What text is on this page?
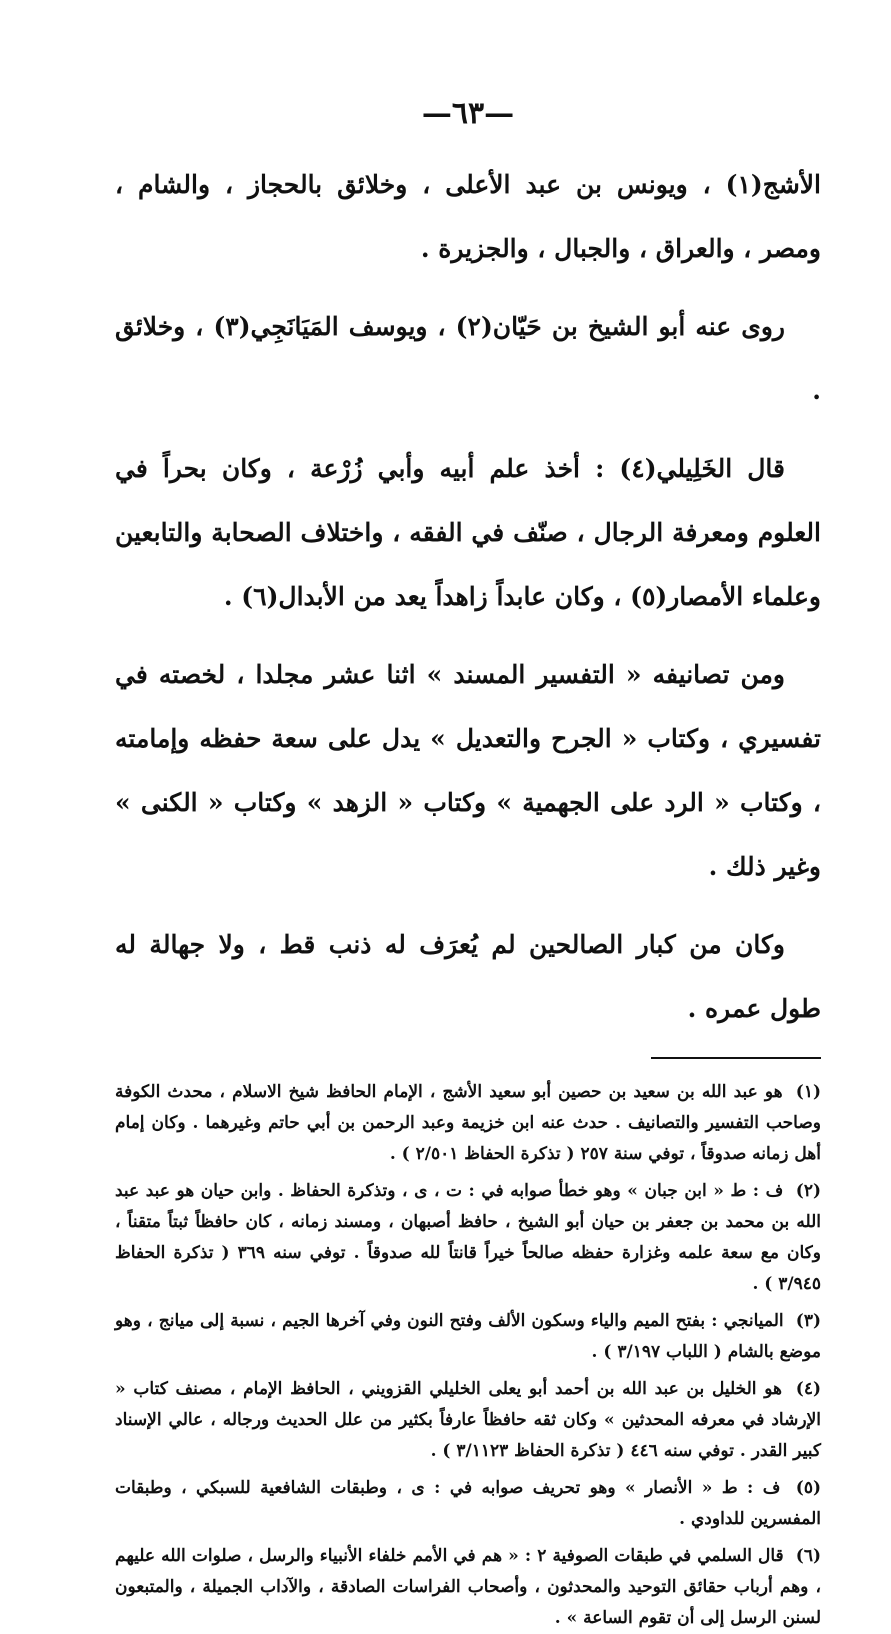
—٦٣—

الأشج(١) ، ويونس بن عبد الأعلى ، وخلائق بالحجاز ، والشام ، ومصر ، والعراق ، والجبال ، والجزيرة .

روى عنه أبو الشيخ بن حَيّان(٢) ، ويوسف المَيَانَجِي(٣) ، وخلائق .

قال الخَلِيلي(٤) : أخذ علم أبيه وأبي زُرْعة ، وكان بحراً في العلوم ومعرفة الرجال ، صنّف في الفقه ، واختلاف الصحابة والتابعين وعلماء الأمصار(٥) ، وكان عابداً زاهداً يعد من الأبدال(٦) .

ومن تصانيفه « التفسير المسند » اثنا عشر مجلدا ، لخصته في تفسيري ، وكتاب « الجرح والتعديل » يدل على سعة حفظه وإمامته ، وكتاب « الرد على الجهمية » وكتاب « الزهد » وكتاب « الكنى » وغير ذلك .

وكان من كبار الصالحين لم يُعرَف له ذنب قط ، ولا جهالة له طول عمره .

(١) هو عبد الله بن سعيد بن حصين أبو سعيد الأشج ، الإمام الحافظ شيخ الاسلام ، محدث الكوفة وصاحب التفسير والتصانيف . حدث عنه ابن خزيمة وعبد الرحمن بن أبي حاتم وغيرهما . وكان إمام أهل زمانه صدوقاً ، توفي سنة ٢٥٧ ( تذكرة الحفاظ ٢/٥٠١ ) .

(٢) ف : ط « ابن جبان » وهو خطأ صوابه في : ت ، ى ، وتذكرة الحفاظ . وابن حيان هو عبد عبد الله بن محمد بن جعفر بن حيان أبو الشيخ ، حافظ أصبهان ، ومسند زمانه ، كان حافظاً ثبتاً متقناً ، وكان مع سعة علمه وغزارة حفظه صالحاً خيراً قانتاً لله صدوقاً . توفي سنه ٣٦٩ ( تذكرة الحفاظ ٣/٩٤٥ ) .

(٣) الميانجي : بفتح الميم والياء وسكون الألف وفتح النون وفي آخرها الجيم ، نسبة إلى ميانج ، وهو موضع بالشام ( اللباب ٣/١٩٧ ) .

(٤) هو الخليل بن عبد الله بن أحمد أبو يعلى الخليلي القزويني ، الحافظ الإمام ، مصنف كتاب « الإرشاد في معرفه المحدثين » وكان ثقه حافظاً عارفاً بكثير من علل الحديث ورجاله ، عالي الإسناد كبير القدر . توفي سنه ٤٤٦ ( تذكرة الحفاظ ٣/١١٢٣ ) .

(٥) ف : ط « الأنصار » وهو تحريف صوابه في : ى ، وطبقات الشافعية للسبكي ، وطبقات المفسرين للداودي .

(٦) قال السلمي في طبقات الصوفية ٢ : « هم في الأمم خلفاء الأنبياء والرسل ، صلوات الله عليهم ، وهم أرباب حقائق التوحيد والمحدثون ، وأصحاب الفراسات الصادقة ، والآداب الجميلة ، والمتبعون لسنن الرسل إلى أن تقوم الساعة » .
